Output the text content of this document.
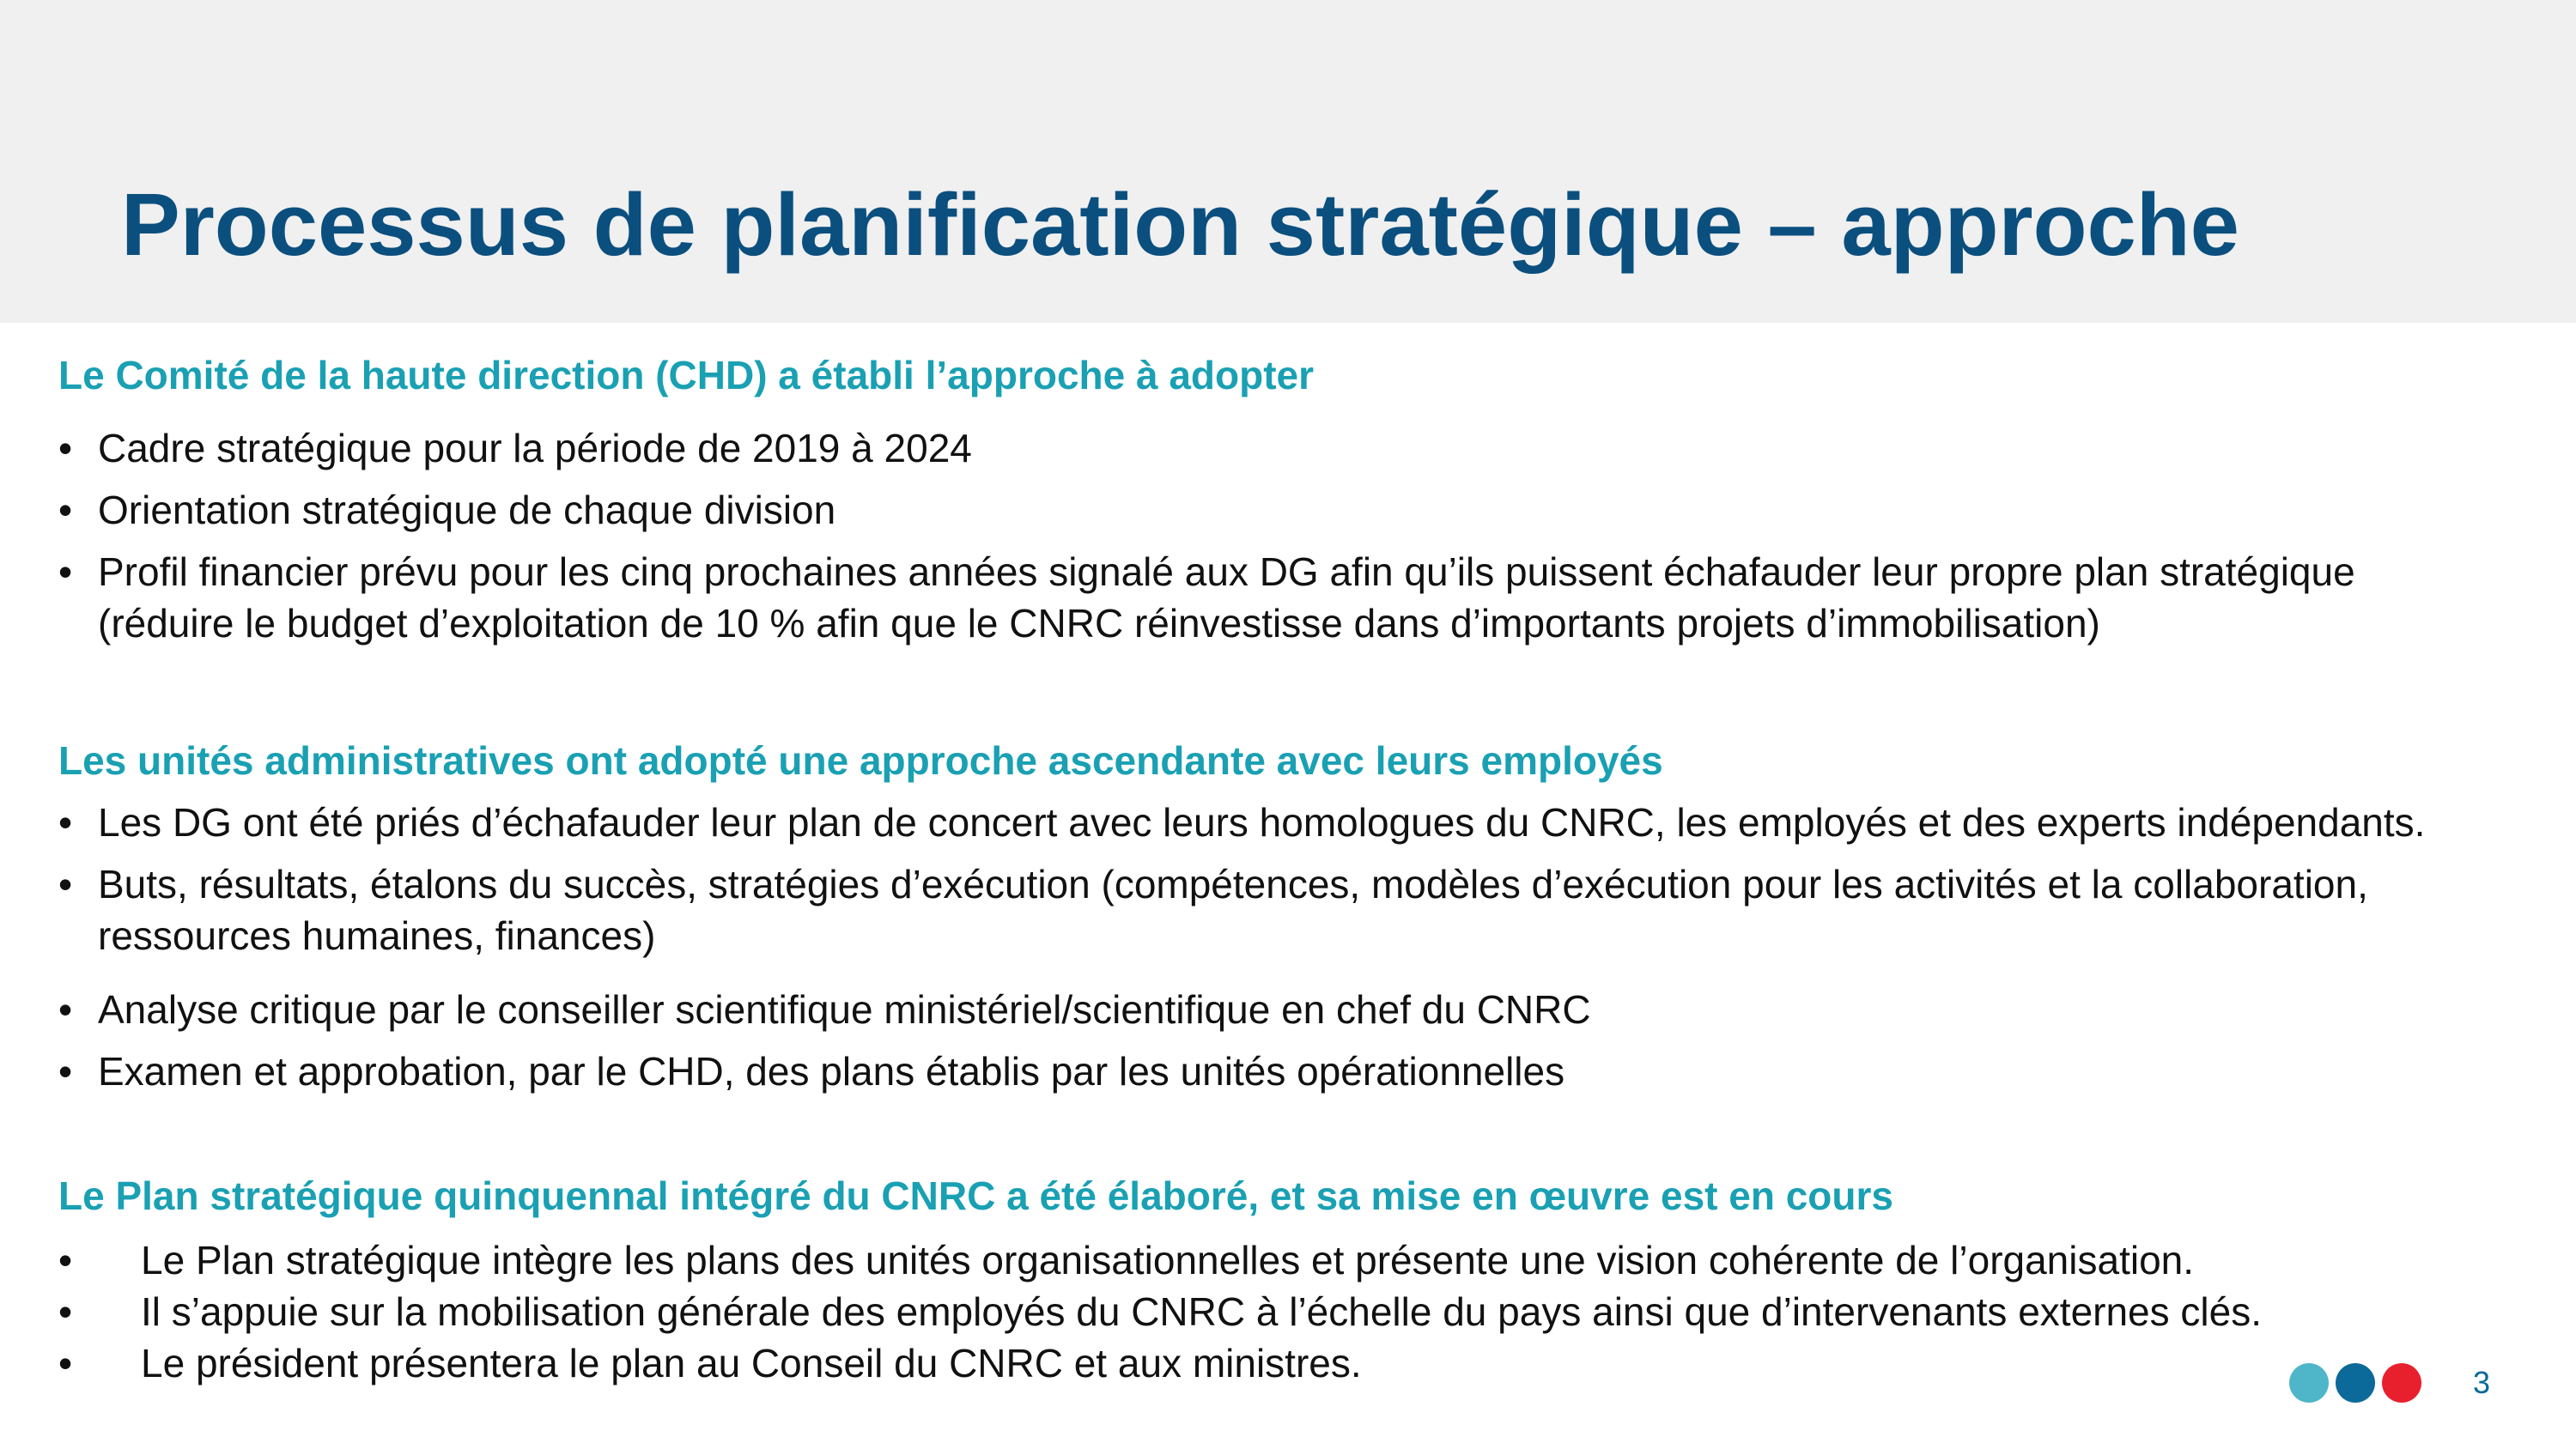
Processus de planification stratégique – approche
Le Comité de la haute direction (CHD) a établi l’approche à adopter
• Cadre stratégique pour la période de 2019 à 2024
• Orientation stratégique de chaque division
• Profil financier prévu pour les cinq prochaines années signalé aux DG afin qu’ils puissent échafauder leur propre plan stratégique (réduire le budget d’exploitation de 10 % afin que le CNRC réinvestisse dans d’importants projets d’immobilisation)
Les unités administratives ont adopté une approche ascendante avec leurs employés
• Les DG ont été priés d’échafauder leur plan de concert avec leurs homologues du CNRC, les employés et des experts indépendants.
• Buts, résultats, étalons du succès, stratégies d’exécution (compétences, modèles d’exécution pour les activités et la collaboration, ressources humaines, finances)
• Analyse critique par le conseiller scientifique ministériel/scientifique en chef du CNRC
• Examen et approbation, par le CHD, des plans établis par les unités opérationnelles
Le Plan stratégique quinquennal intégré du CNRC a été élaboré, et sa mise en œuvre est en cours
• Le Plan stratégique intègre les plans des unités organisationnelles et présente une vision cohérente de l’organisation.
• Il s’appuie sur la mobilisation générale des employés du CNRC à l’échelle du pays ainsi que d’intervenants externes clés.
• Le président présentera le plan au Conseil du CNRC et aux ministres.	3
